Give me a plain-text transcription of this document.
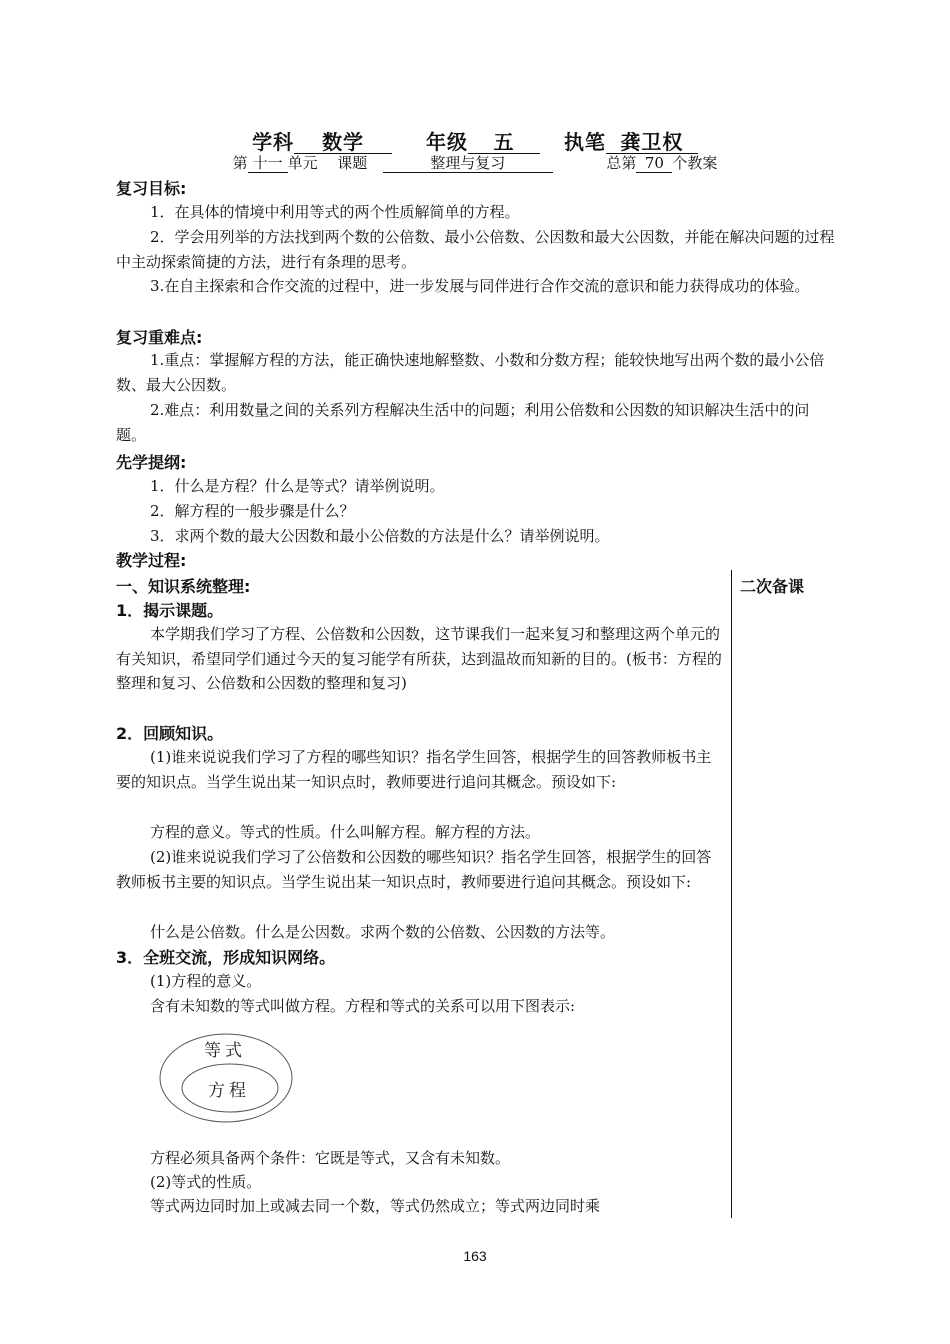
学科 数学	年级 五 执笔 龚卫权
第 十一 单元 课题	整理与复习	总第 70 个教案
复习目标:
1．在具体的情境中利用等式的两个性质解简单的方程。
2．学会用列举的方法找到两个数的公倍数、最小公倍数、公因数和最大公因数，并能在解决问题的过程中主动探索简捷的方法，进行有条理的思考。
3.在自主探索和合作交流的过程中，进一步发展与同伴进行合作交流的意识和能力获得成功的体验。
复习重难点:
1.重点：掌握解方程的方法，能正确快速地解整数、小数和分数方程；能较快地写出两个数的最小公倍数、最大公因数。
2.难点：利用数量之间的关系列方程解决生活中的问题；利用公倍数和公因数的知识解决生活中的问题。
先学提纲:
1．什么是方程？什么是等式？请举例说明。
2．解方程的一般步骤是什么？
3．求两个数的最大公因数和最小公倍数的方法是什么？请举例说明。
教学过程:
二次备课
一、知识系统整理:
1．揭示课题。
本学期我们学习了方程、公倍数和公因数，这节课我们一起来复习和整理这两个单元的有关知识，希望同学们通过今天的复习能学有所获，达到温故而知新的目的。(板书：方程的整理和复习、公倍数和公因数的整理和复习)
2．回顾知识。
(1)谁来说说我们学习了方程的哪些知识？指名学生回答，根据学生的回答教师板书主要的知识点。当学生说出某一知识点时，教师要进行追问其概念。预设如下:
方程的意义。等式的性质。什么叫解方程。解方程的方法。
(2)谁来说说我们学习了公倍数和公因数的哪些知识？指名学生回答，根据学生的回答教师板书主要的知识点。当学生说出某一知识点时，教师要进行追问其概念。预设如下:
什么是公倍数。什么是公因数。求两个数的公倍数、公因数的方法等。
3．全班交流，形成知识网络。
(1)方程的意义。
含有未知数的等式叫做方程。方程和等式的关系可以用下图表示:
等式
方程
方程必须具备两个条件：它既是等式，又含有未知数。
(2)等式的性质。
等式两边同时加上或减去同一个数，等式仍然成立；等式两边同时乘
163
